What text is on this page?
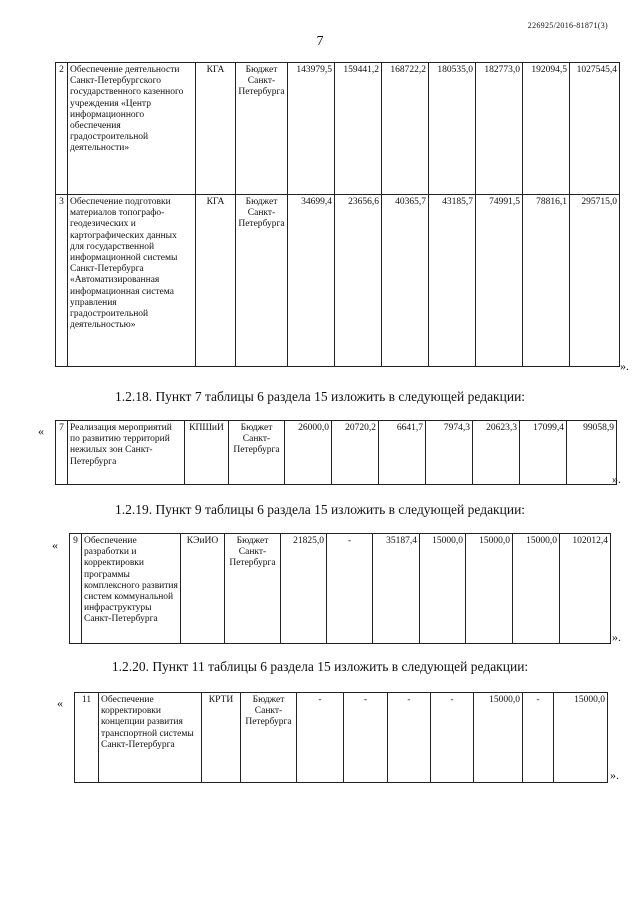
226925/2016-81871(3)
7
2	Обеспечение деятельности Санкт-Петербургского государственного казенного учреждения «Центр информационного обеспечения градостроительной деятельности»	КГА	Бюджет Санкт-Петербурга	143979,5	159441,2	168722,2	180535,0	182773,0	192094,5	1027545,4
3	Обеспечение подготовки материалов топографо-геодезических и картографических данных для государственной информационной системы Санкт-Петербурга «Автоматизированная информационная система управления градостроительной деятельностью»	КГА	Бюджет Санкт-Петербурга	34699,4	23656,6	40365,7	43185,7	74991,5	78816,1	295715,0
».
1.2.18. Пункт 7 таблицы 6 раздела 15 изложить в следующей редакции:
« 7	Реализация мероприятий по развитию территорий нежилых зон Санкт-Петербурга	КПШиИ	Бюджет Санкт-Петербурга	26000,0	20720,2	6641,7	7974,3	20623,3	17099,4	99058,9
».
1.2.19. Пункт 9 таблицы 6 раздела 15 изложить в следующей редакции:
« 9	Обеспечение разработки и корректировки программы комплексного развития систем коммунальной инфраструктуры Санкт-Петербурга	КЭиИО	Бюджет Санкт-Петербурга	21825,0	-	35187,4	15000,0	15000,0	15000,0	102012,4
».
1.2.20. Пункт 11 таблицы 6 раздела 15 изложить в следующей редакции:
« 11	Обеспечение корректировки концепции развития транспортной системы Санкт-Петербурга	КРТИ	Бюджет Санкт-Петербурга	-	-	-	-	15000,0	-	15000,0
».
